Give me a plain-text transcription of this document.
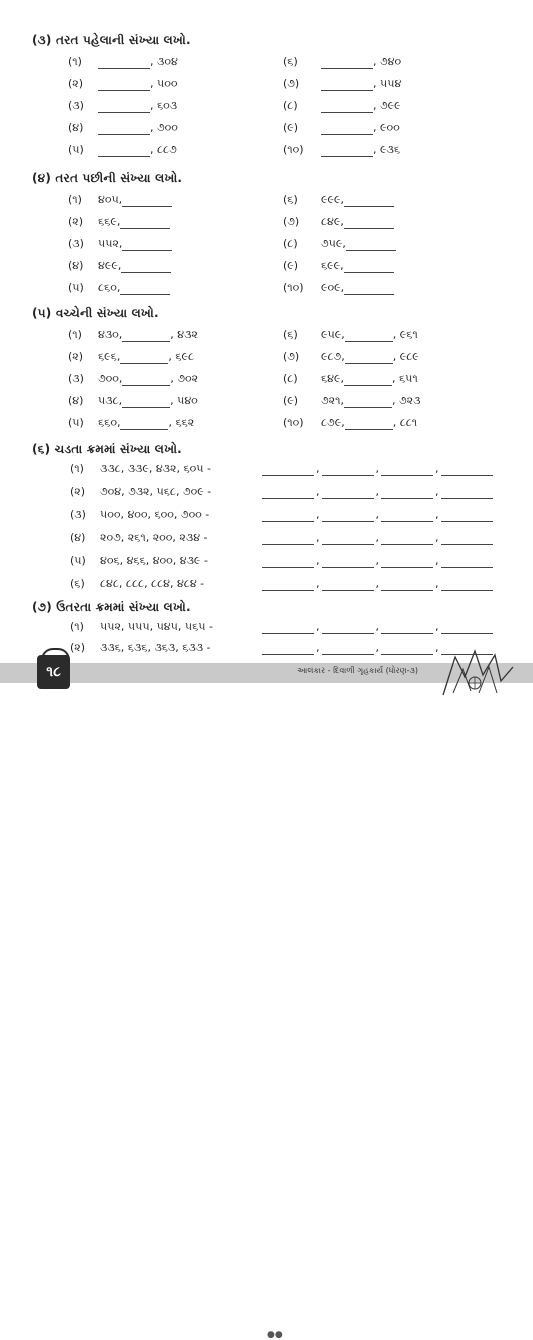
(૩) તરત પહેલાની સંખ્યા લખો.
(૧)	, ૩૦૪
(૨)	, ૫૦૦
(૩)	, ૬૦૩
(૪)	, ૭૦૦
(૫)	, ૮૮૭
(૬)	, ૭૪૦
(૭)	, ૫૫૪
(૮)	, ૭૯૯
(૯)	, ૯૦૦
(૧૦)	, ૯૩૬
(૪) તરત પછીની સંખ્યા લખો.
(૧) ૪૦૫,
(૨) ૬૬૯,
(૩) ૫૫૨,
(૪) ૪૯૯,
(૫) ૮૬૦,
(૬) ૯૯૯,
(૭) ૮૪૯,
(૮) ૭૫૯,
(૯) ૬૯૯,
(૧૦) ૯૦૯,
(૫) વચ્ચેની સંખ્યા લખો.
(૧) ૪૩૦,	, ૪૩૨
(૨) ૬૯૬,	, ૬૯૮
(૩) ૭૦૦,	, ૭૦૨
(૪) ૫૩૮,	, ૫૪૦
(૫) ૬૬૦,	, ૬૬૨
(૬) ૯૫૯,	, ૯૬૧
(૭) ૯૮૭,	, ૯૮૯
(૮) ૬૪૯,	, ૬૫૧
(૯) ૭૨૧,	, ૭૨૩
(૧૦) ૮૭૯,	, ૮૮૧
(૬) ચડતા ક્રમમાં સંખ્યા લખો.
(૧) ૩૩૮, ૩૩૯, ૪૩૨, ૬૦૫ -	,	,	,
(૨) ૭૦૪, ૭૩૨, ૫૬૮, ૭૦૯ -	,	,	,
(૩) ૫૦૦, ૪૦૦, ૬૦૦, ૭૦૦ -	,	,	,
(૪) ૨૦૭, ૨૬૧, ૨૦૦, ૨૩૪ -	,	,	,
(૫) ૪૦૬, ૪૬૬, ૪૦૦, ૪૩૯ -	,	,	,
(૬) ૮૪૮, ૮૮૮, ૮૮૪, ૪૮૪ -	,	,	,
(૭) ઉતરતા ક્રમમાં સંખ્યા લખો.
(૧) ૫૫૨, ૫૫૫, ૫૪૫, ૫૬૫ -	,	,	,
(૨) ૩૩૬, ૬૩૬, ૩૬૩, ૬૩૩ -	,	,	,
●●
આલંકાર - દિવાળી ગૃહકાર્ય (ધોરણ-૩)
૧૮
